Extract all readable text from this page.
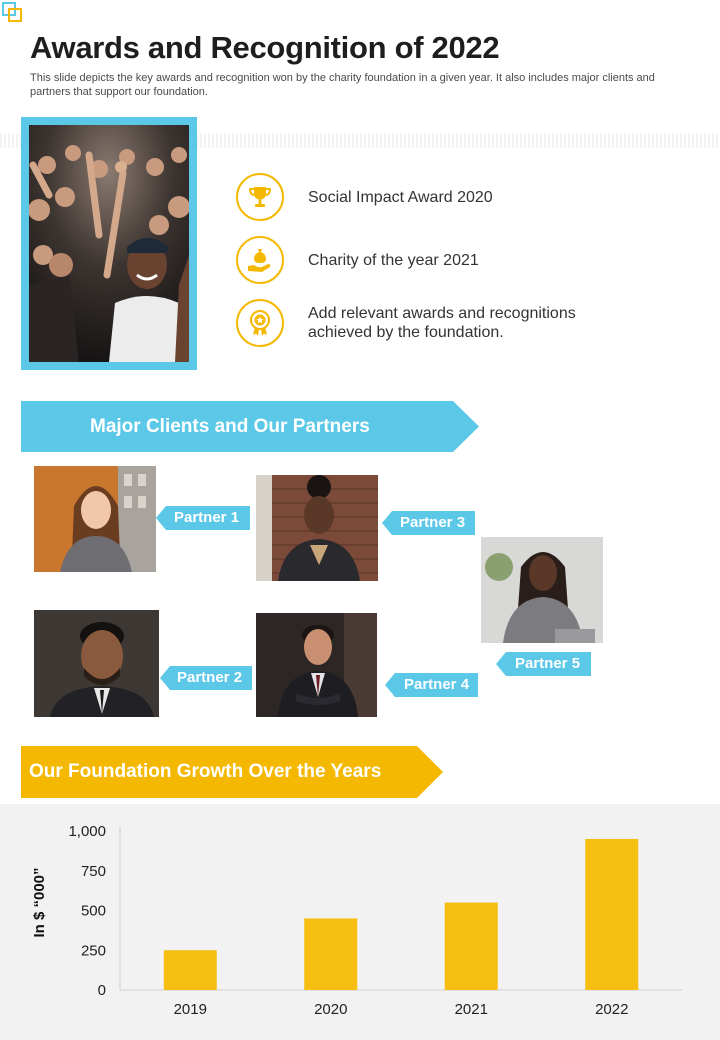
Awards and Recognition of 2022

This slide depicts the key awards and recognition won by the charity foundation in a given year. It also includes major clients and partners that support our foundation.

Social Impact Award 2020
Charity of the year 2021
Add relevant awards and recognitions achieved by the foundation.
Major Clients and Our Partners
Partner 1
Partner 2
Partner 3
Partner 4
Partner 5
Our Foundation Growth Over the Years
0
250
500
750
1,000
In $ “000”
2019	2020	2021	2022
